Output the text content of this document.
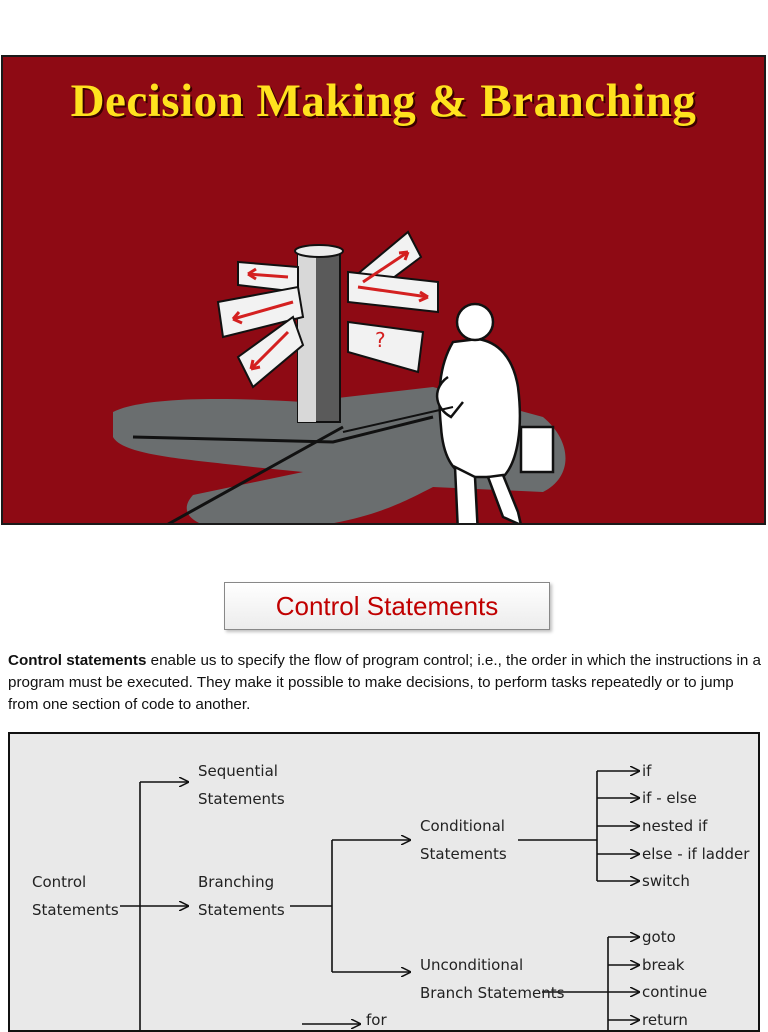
Decision Making & Branching
?
Control Statements
Control statements enable us to specify the flow of program control; i.e., the order in which the instructions in a program must be executed. They make it possible to make decisions, to perform tasks repeatedly or to jump from one section of code to another.
Control
Statements
Sequential
Statements
Branching
Statements
Conditional
Statements
Unconditional
Branch Statements
if
if - else
nested if
else - if ladder
switch
goto
break
continue
return
for
